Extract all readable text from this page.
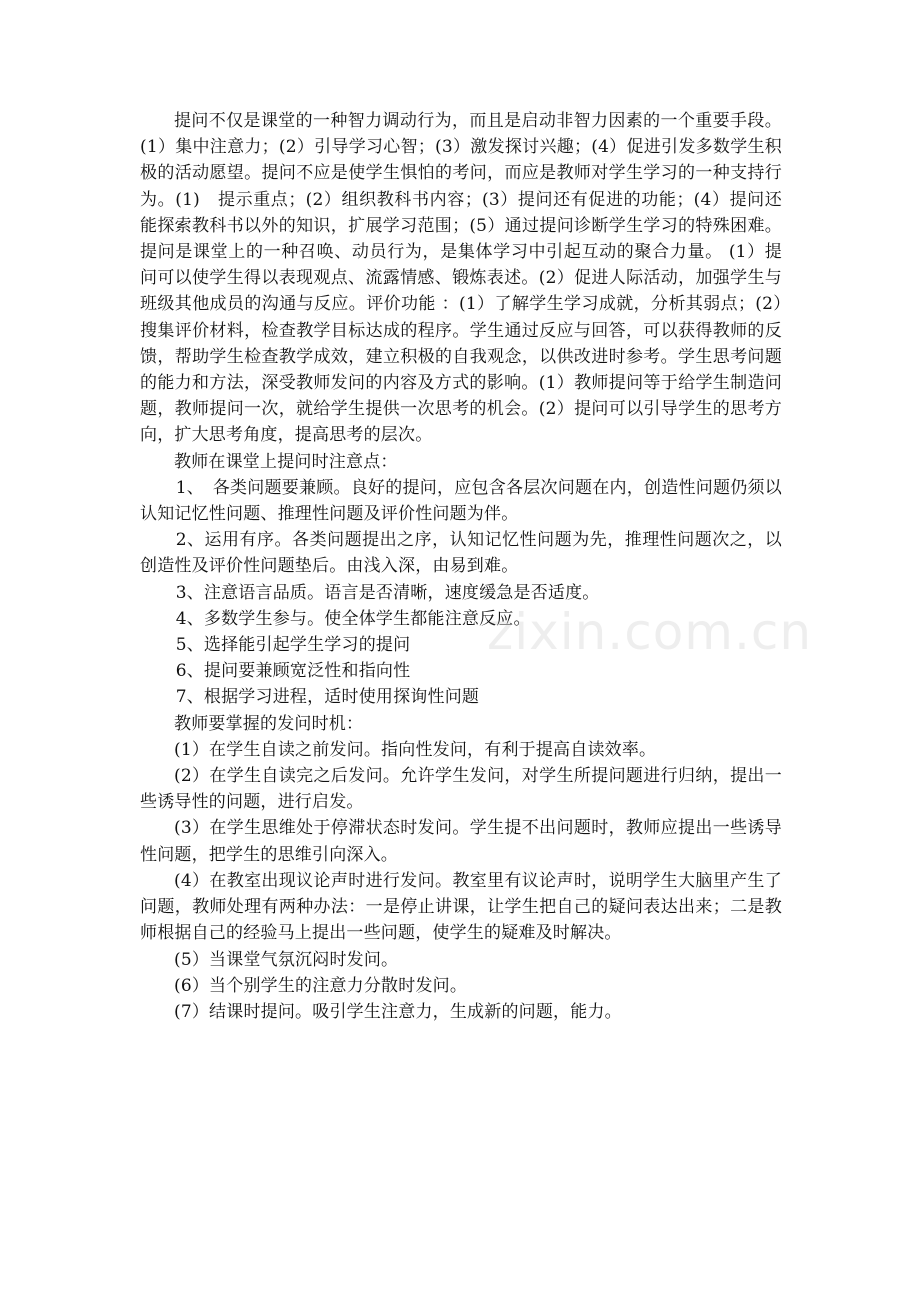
提问不仅是课堂的一种智力调动行为，而且是启动非智力因素的一个重要手段。(1）集中注意力；(2）引导学习心智；(3）激发探讨兴趣；(4）促进引发多数学生积极的活动愿望。提问不应是使学生惧怕的考问，而应是教师对学生学习的一种支持行为。(1)　提示重点；(2）组织教科书内容；(3）提问还有促进的功能；(4）提问还能探索教科书以外的知识，扩展学习范围；(5）通过提问诊断学生学习的特殊困难。 提问是课堂上的一种召唤、动员行为，是集体学习中引起互动的聚合力量。 (1）提问可以使学生得以表现观点、流露情感、锻炼表述。(2）促进人际活动，加强学生与班级其他成员的沟通与反应。评价功能 ：(1）了解学生学习成就，分析其弱点；(2）搜集评价材料，检查教学目标达成的程序。学生通过反应与回答，可以获得教师的反馈，帮助学生检查教学成效，建立积极的自我观念，以供改进时参考。学生思考问题的能力和方法，深受教师发问的内容及方式的影响。(1）教师提问等于给学生制造问题，教师提问一次，就给学生提供一次思考的机会。(2）提问可以引导学生的思考方向，扩大思考角度，提高思考的层次。

教师在课堂上提问时注意点：

1、　各类问题要兼顾。良好的提问，应包含各层次问题在内，创造性问题仍须以认知记忆性问题、推理性问题及评价性问题为伴。

2、运用有序。各类问题提出之序，认知记忆性问题为先，推理性问题次之，以创造性及评价性问题垫后。由浅入深，由易到难。

3、注意语言品质。语言是否清晰，速度缓急是否适度。

4、多数学生参与。使全体学生都能注意反应。

5、选择能引起学生学习的提问

6、提问要兼顾宽泛性和指向性

7、根据学习进程，适时使用探询性问题

教师要掌握的发问时机：

(1）在学生自读之前发问。指向性发问，有利于提高自读效率。

(2）在学生自读完之后发问。允许学生发问，对学生所提问题进行归纳，提出一些诱导性的问题，进行启发。

(3）在学生思维处于停滞状态时发问。学生提不出问题时，教师应提出一些诱导性问题，把学生的思维引向深入。

(4）在教室出现议论声时进行发问。教室里有议论声时，说明学生大脑里产生了问题，教师处理有两种办法：一是停止讲课，让学生把自己的疑问表达出来；二是教师根据自己的经验马上提出一些问题，使学生的疑难及时解决。

(5）当课堂气氛沉闷时发问。

(6）当个别学生的注意力分散时发问。

(7）结课时提问。吸引学生注意力，生成新的问题，能力。

zixin.com.cn
